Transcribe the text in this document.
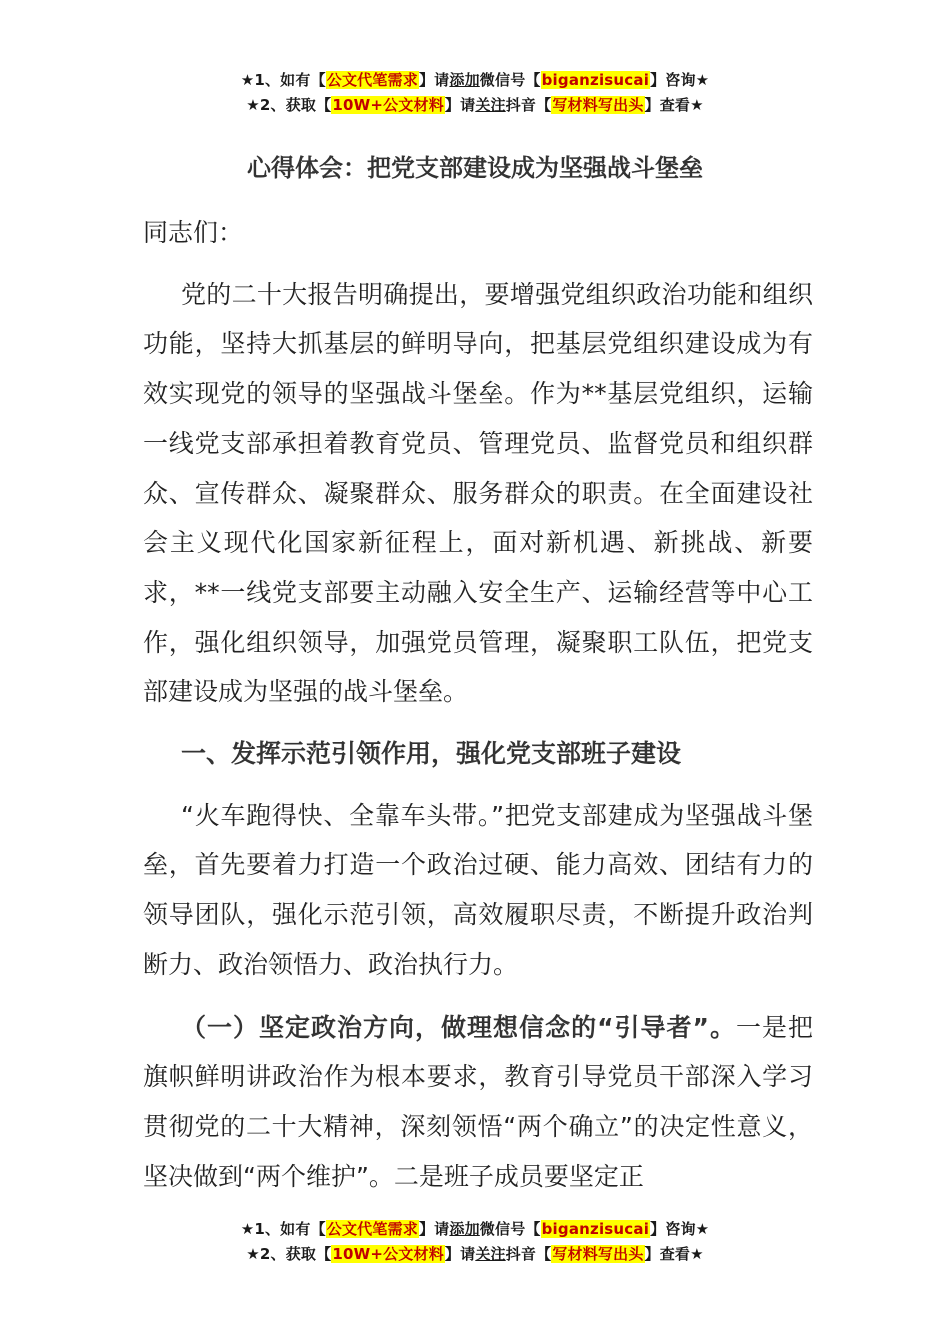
★1、如有【公文代笔需求】请添加微信号【biganzisucai】咨询★
★2、获取【10W+公文材料】请关注抖音【写材料写出头】查看★
心得体会：把党支部建设成为坚强战斗堡垒

同志们：

党的二十大报告明确提出，要增强党组织政治功能和组织功能，坚持大抓基层的鲜明导向，把基层党组织建设成为有效实现党的领导的坚强战斗堡垒。作为**基层党组织，运输一线党支部承担着教育党员、管理党员、监督党员和组织群众、宣传群众、凝聚群众、服务群众的职责。在全面建设社会主义现代化国家新征程上，面对新机遇、新挑战、新要求，**一线党支部要主动融入安全生产、运输经营等中心工作，强化组织领导，加强党员管理，凝聚职工队伍，把党支部建设成为坚强的战斗堡垒。

一、发挥示范引领作用，强化党支部班子建设

“火车跑得快、全靠车头带。”把党支部建成为坚强战斗堡垒，首先要着力打造一个政治过硬、能力高效、团结有力的领导团队，强化示范引领，高效履职尽责，不断提升政治判断力、政治领悟力、政治执行力。

（一）坚定政治方向，做理想信念的“引导者”。一是把旗帜鲜明讲政治作为根本要求，教育引导党员干部深入学习贯彻党的二十大精神，深刻领悟“两个确立”的决定性意义，坚决做到“两个维护”。二是班子成员要坚定正

★1、如有【公文代笔需求】请添加微信号【biganzisucai】咨询★
★2、获取【10W+公文材料】请关注抖音【写材料写出头】查看★
